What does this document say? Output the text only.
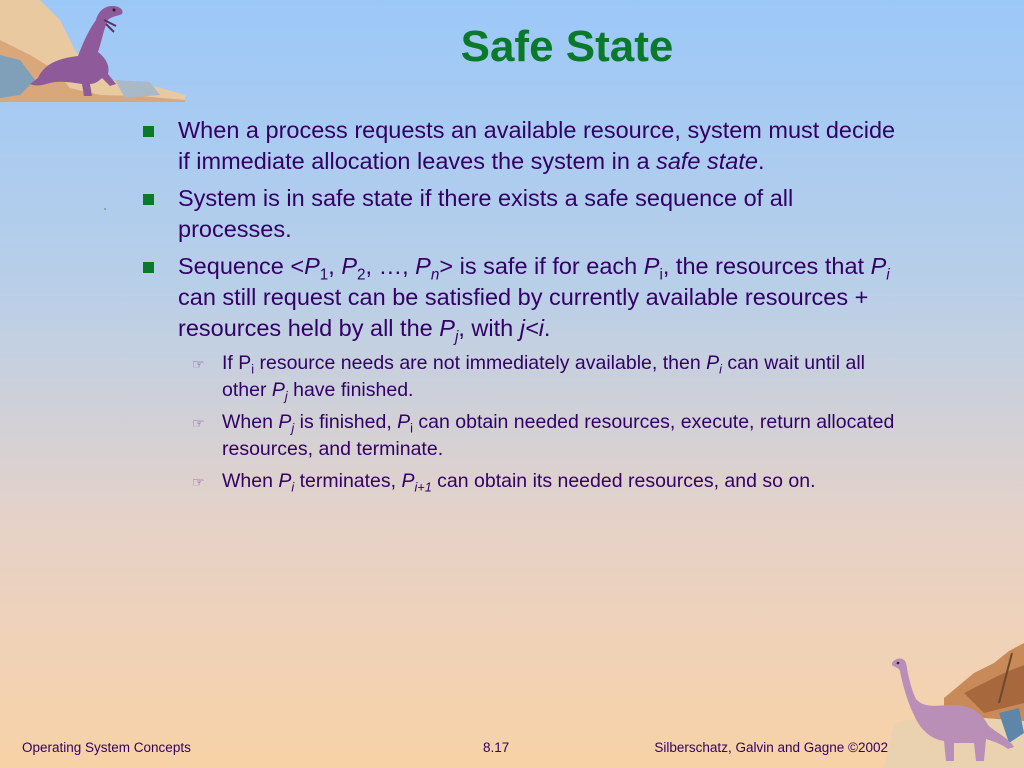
Safe State
When a process requests an available resource, system must decide if immediate allocation leaves the system in a safe state.
System is in safe state if there exists a safe sequence of all processes.
Sequence $<P_1$, $P_2$, …, $P_n>$ is safe if for each $P_i$, the resources that $P_i$ can still request can be satisfied by currently available resources + resources held by all the $P_j$, with j<i.
☞ If $P_i$ resource needs are not immediately available, then $P_i$ can wait until all other $P_j$ have finished.
☞ When $P_j$ is finished, $P_i$ can obtain needed resources, execute, return allocated resources, and terminate.
☞ When $P_i$ terminates, $P_{i+1}$ can obtain its needed resources, and so on.
Operating System Concepts	8.17	Silberschatz, Galvin and Gagne ©2002
